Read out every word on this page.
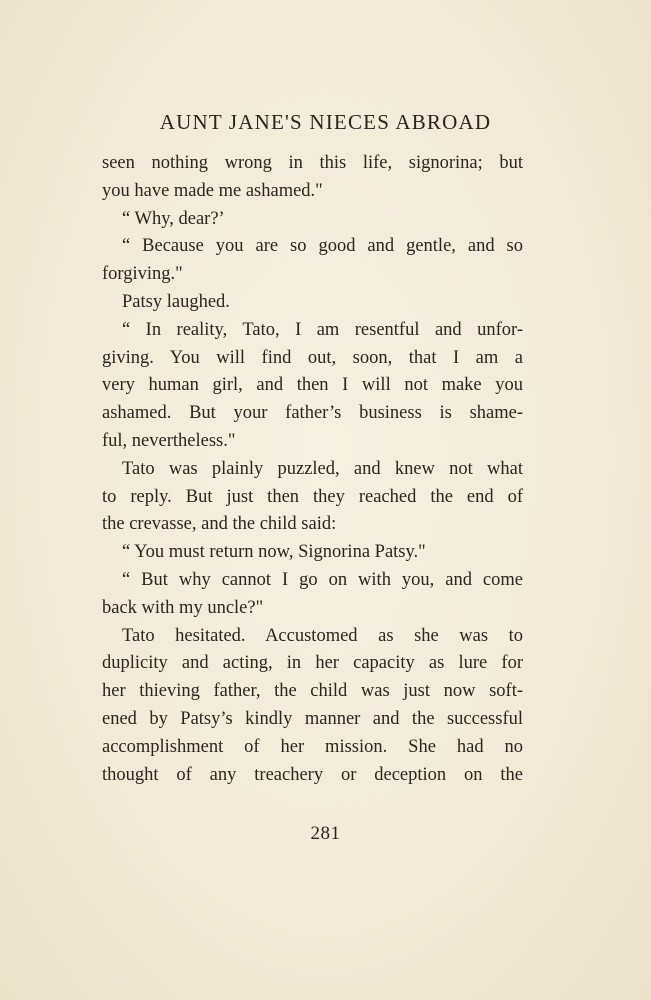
AUNT JANE'S NIECES ABROAD
seen nothing wrong in this life, signorina; but
you have made me ashamed."
“ Why, dear?’
“ Because you are so good and gentle, and so
forgiving."
Patsy laughed.
“ In reality, Tato, I am resentful and unfor-
giving. You will find out, soon, that I am a
very human girl, and then I will not make you
ashamed. But your father’s business is shame-
ful, nevertheless."
Tato was plainly puzzled, and knew not what
to reply. But just then they reached the end of
the crevasse, and the child said:
“ You must return now, Signorina Patsy."
“ But why cannot I go on with you, and come
back with my uncle?"
Tato hesitated. Accustomed as she was to
duplicity and acting, in her capacity as lure for
her thieving father, the child was just now soft-
ened by Patsy’s kindly manner and the successful
accomplishment of her mission. She had no
thought of any treachery or deception on the
281
